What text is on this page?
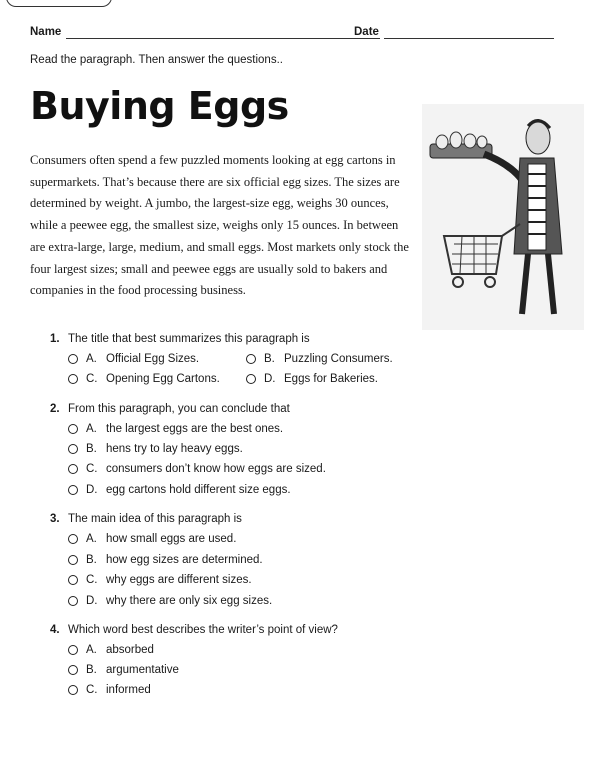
Name	Date
Read the paragraph. Then answer the questions..
Buying Eggs

Consumers often spend a few puzzled moments looking at egg cartons in supermarkets. That’s because there are six official egg sizes. The sizes are determined by weight. A jumbo, the largest-size egg, weighs 30 ounces, while a peewee egg, the smallest size, weighs only 15 ounces. In between are extra-large, large, medium, and small eggs. Most markets only stock the four largest sizes; small and peewee eggs are usually sold to bakers and companies in the food processing business.

1. The title that best summarizes this paragraph is
A. Official Egg Sizes.	B. Puzzling Consumers.
C. Opening Egg Cartons.	D. Eggs for Bakeries.
2. From this paragraph, you can conclude that
A. the largest eggs are the best ones.
B. hens try to lay heavy eggs.
C. consumers don’t know how eggs are sized.
D. egg cartons hold different size eggs.
3. The main idea of this paragraph is
A. how small eggs are used.
B. how egg sizes are determined.
C. why eggs are different sizes.
D. why there are only six egg sizes.
4. Which word best describes the writer’s point of view?
A. absorbed
B. argumentative
C. informed
